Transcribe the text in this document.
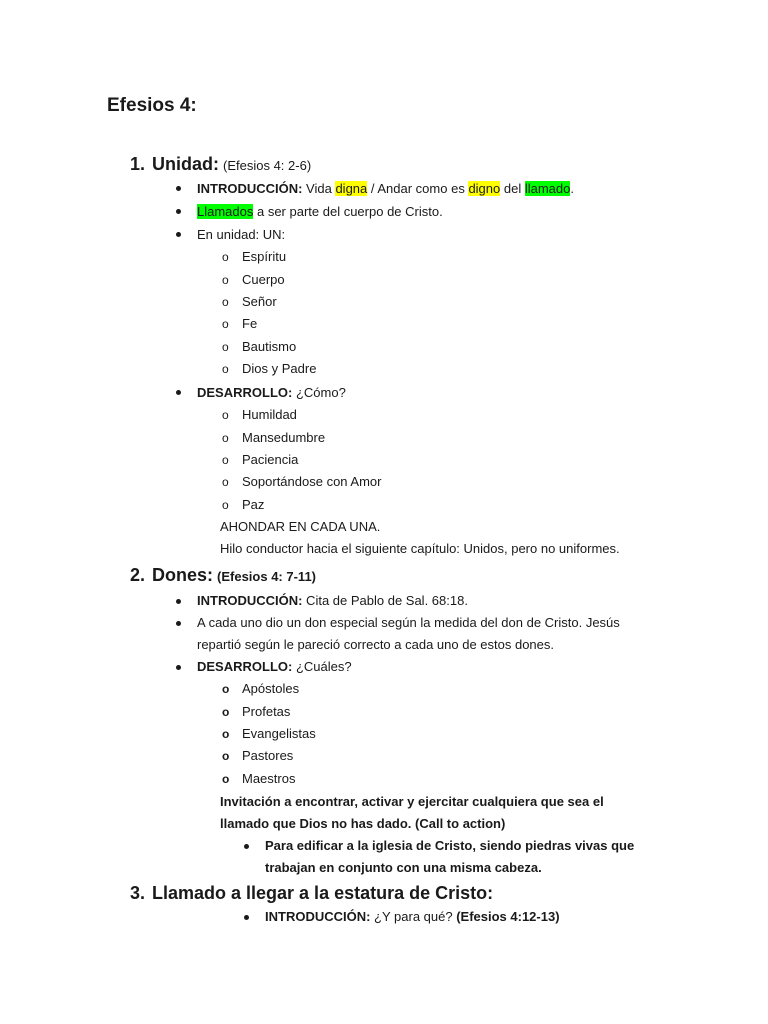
Efesios 4:
1. Unidad: (Efesios 4: 2-6)
INTRODUCCIÓN: Vida digna / Andar como es digno del llamado.
Llamados a ser parte del cuerpo de Cristo.
En unidad: UN:
o Espíritu
o Cuerpo
o Señor
o Fe
o Bautismo
o Dios y Padre
DESARROLLO: ¿Cómo?
o Humildad
o Mansedumbre
o Paciencia
o Soportándose con Amor
o Paz
AHONDAR EN CADA UNA.
Hilo conductor hacia el siguiente capítulo: Unidos, pero no uniformes.
2. Dones: (Efesios 4: 7-11)
INTRODUCCIÓN: Cita de Pablo de Sal. 68:18.
A cada uno dio un don especial según la medida del don de Cristo. Jesús
repartió según le pareció correcto a cada uno de estos dones.
DESARROLLO: ¿Cuáles?
o Apóstoles
o Profetas
o Evangelistas
o Pastores
o Maestros
Invitación a encontrar, activar y ejercitar cualquiera que sea el
llamado que Dios no has dado. (Call to action)
Para edificar a la iglesia de Cristo, siendo piedras vivas que
trabajan en conjunto con una misma cabeza.
3. Llamado a llegar a la estatura de Cristo:
INTRODUCCIÓN: ¿Y para qué? (Efesios 4:12-13)
